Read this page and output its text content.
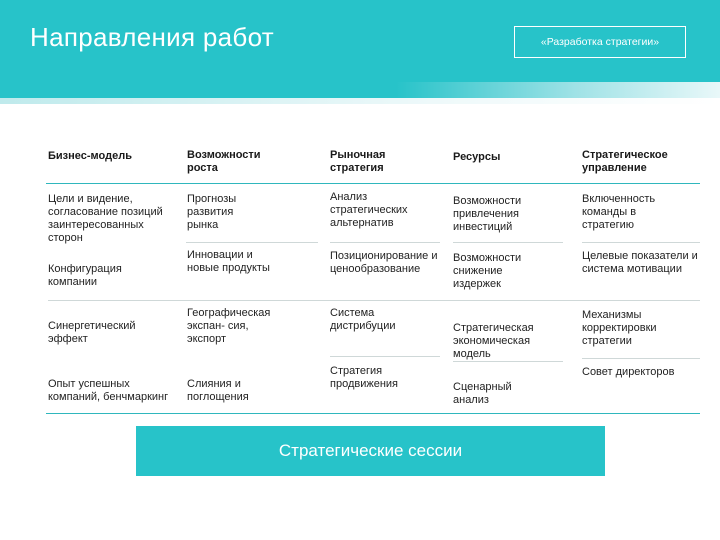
Направления работ	«Разработка стратегии»
Бизнес-модель
Цели и видение, согласование позиций заинтересованных сторон
Конфигурация компании
Синергетический эффект
Опыт успешных компаний, бенчмаркинг
Возможности роста
Прогнозы развития рынка
Инновации и новые продукты
Географическая экспан- сия, экспорт
Слияния и поглощения
Рыночная стратегия
Анализ стратегических альтернатив
Позиционирование и ценообразование
Система дистрибуции
Стратегия продвижения
Ресурсы
Возможности привлечения инвестиций
Возможности снижение издержек
Стратегическая экономическая модель
Сценарный анализ
Стратегическое управление
Включенность команды в стратегию
Целевые показатели и система мотивации
Механизмы корректировки стратегии
Совет директоров
Стратегические сессии
